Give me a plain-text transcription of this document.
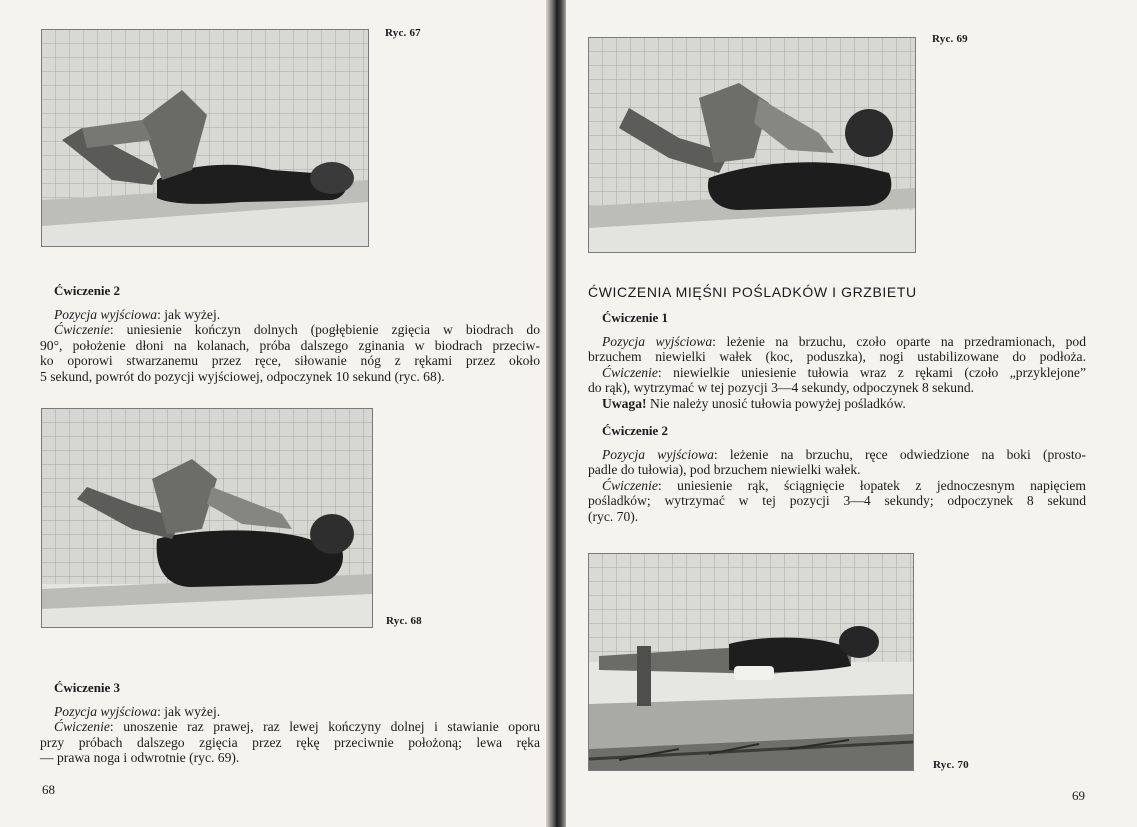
Ryc. 67

Ćwiczenie 2

Pozycja wyjściowa: jak wyżej.

Ćwiczenie: uniesienie kończyn dolnych (pogłębienie zgięcia w biodrach do
90°, położenie dłoni na kolanach, próba dalszego zginania w biodrach przeciw-
ko oporowi stwarzanemu przez ręce, siłowanie nóg z rękami przez około
5 sekund, powrót do pozycji wyjściowej, odpoczynek 10 sekund (ryc. 68).
Ryc. 68

Ćwiczenie 3

Pozycja wyjściowa: jak wyżej.

Ćwiczenie: unoszenie raz prawej, raz lewej kończyny dolnej i stawianie oporu
przy próbach dalszego zgięcia przez rękę przeciwnie położoną; lewa ręka
— prawa noga i odwrotnie (ryc. 69).
68
Ryc. 69
ĆWICZENIA MIĘŚNI POŚLADKÓW I GRZBIETU

Ćwiczenie 1

Pozycja wyjściowa: leżenie na brzuchu, czoło oparte na przedramionach, pod
brzuchem niewielki wałek (koc, poduszka), nogi ustabilizowane do podłoża.
Ćwiczenie: niewielkie uniesienie tułowia wraz z rękami (czoło „przyklejone”
do rąk), wytrzymać w tej pozycji 3—4 sekundy, odpoczynek 8 sekund.

Uwaga! Nie należy unosić tułowia powyżej pośladków.

Ćwiczenie 2

Pozycja wyjściowa: leżenie na brzuchu, ręce odwiedzione na boki (prosto-
padle do tułowia), pod brzuchem niewielki wałek.
Ćwiczenie: uniesienie rąk, ściągnięcie łopatek z jednoczesnym napięciem
pośladków; wytrzymać w tej pozycji 3—4 sekundy; odpoczynek 8 sekund
(ryc. 70).
Ryc. 70
69
